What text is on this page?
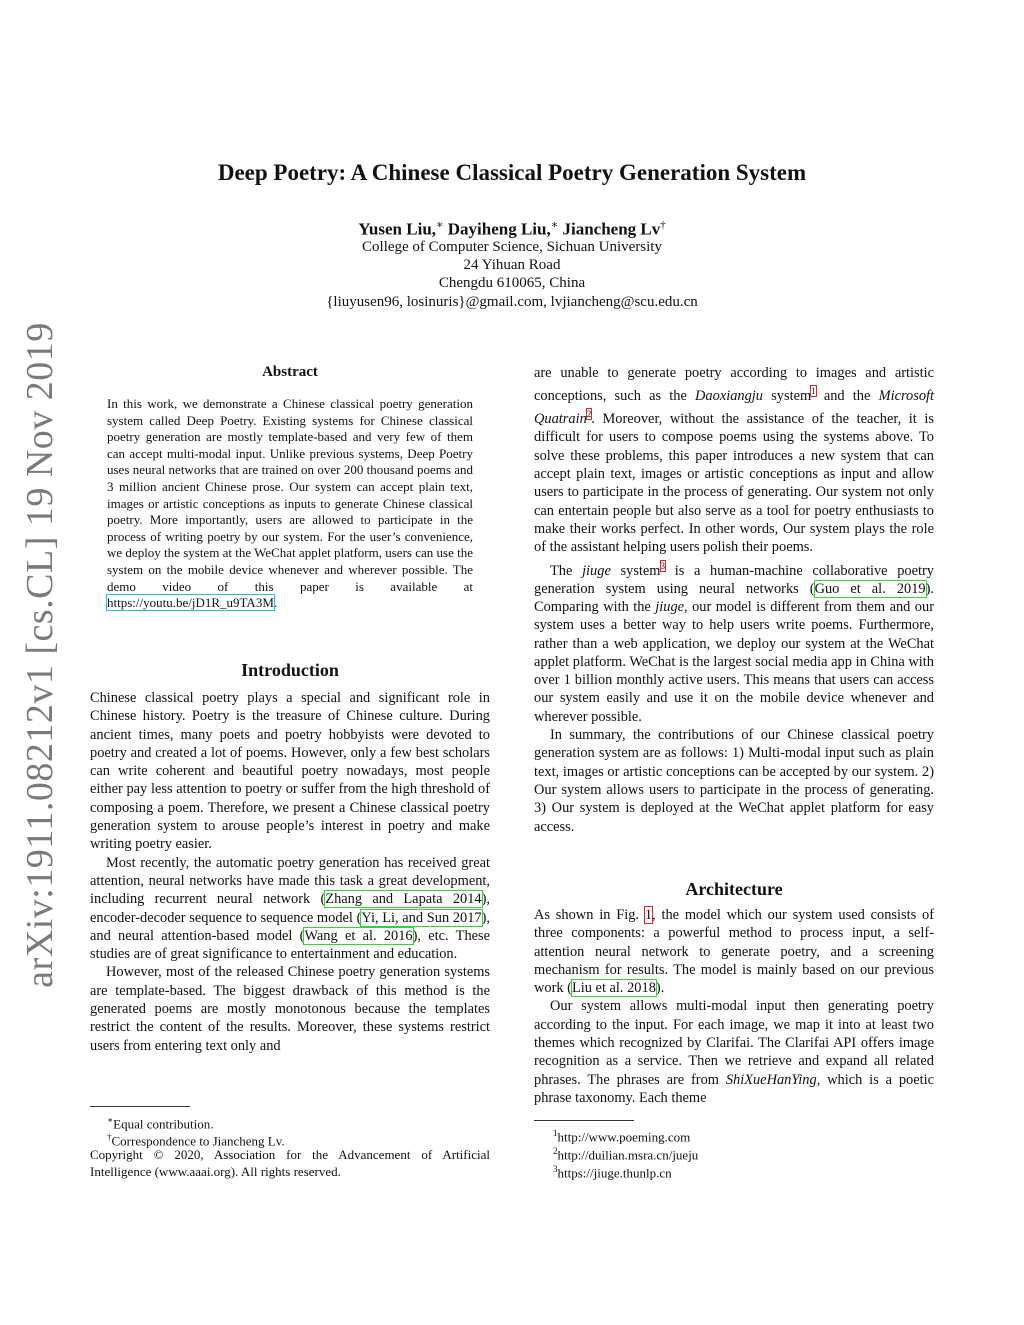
arXiv:1911.08212v1 [cs.CL] 19 Nov 2019
Deep Poetry: A Chinese Classical Poetry Generation System
Yusen Liu,∗ Dayiheng Liu,∗ Jiancheng Lv†
College of Computer Science, Sichuan University
24 Yihuan Road
Chengdu 610065, China
{liuyusen96, losinuris}@gmail.com, lvjiancheng@scu.edu.cn
Abstract
In this work, we demonstrate a Chinese classical poetry generation system called Deep Poetry. Existing systems for Chinese classical poetry generation are mostly template-based and very few of them can accept multi-modal input. Unlike previous systems, Deep Poetry uses neural networks that are trained on over 200 thousand poems and 3 million ancient Chinese prose. Our system can accept plain text, images or artistic conceptions as inputs to generate Chinese classical poetry. More importantly, users are allowed to participate in the process of writing poetry by our system. For the user’s convenience, we deploy the system at the WeChat applet platform, users can use the system on the mobile device whenever and wherever possible. The demo video of this paper is available at https://youtu.be/jD1R_u9TA3M.
Introduction

Chinese classical poetry plays a special and significant role in Chinese history. Poetry is the treasure of Chinese culture. During ancient times, many poets and poetry hobbyists were devoted to poetry and created a lot of poems. However, only a few best scholars can write coherent and beautiful poetry nowadays, most people either pay less attention to poetry or suffer from the high threshold of composing a poem. Therefore, we present a Chinese classical poetry generation system to arouse people’s interest in poetry and make writing poetry easier.

Most recently, the automatic poetry generation has received great attention, neural networks have made this task a great development, including recurrent neural network (Zhang and Lapata 2014), encoder-decoder sequence to sequence model (Yi, Li, and Sun 2017), and neural attention-based model (Wang et al. 2016), etc. These studies are of great significance to entertainment and education.

However, most of the released Chinese poetry generation systems are template-based. The biggest drawback of this method is the generated poems are mostly monotonous because the templates restrict the content of the results. Moreover, these systems restrict users from entering text only and

∗Equal contribution.
†Correspondence to Jiancheng Lv.
Copyright © 2020, Association for the Advancement of Artificial Intelligence (www.aaai.org). All rights reserved.

are unable to generate poetry according to images and artistic conceptions, such as the Daoxiangju system$^1$ and the Microsoft Quatrain$^2$. Moreover, without the assistance of the teacher, it is difficult for users to compose poems using the systems above. To solve these problems, this paper introduces a new system that can accept plain text, images or artistic conceptions as input and allow users to participate in the process of generating. Our system not only can entertain people but also serve as a tool for poetry enthusiasts to make their works perfect. In other words, Our system plays the role of the assistant helping users polish their poems.

The jiuge system$^3$ is a human-machine collaborative poetry generation system using neural networks (Guo et al. 2019). Comparing with the jiuge, our model is different from them and our system uses a better way to help users write poems. Furthermore, rather than a web application, we deploy our system at the WeChat applet platform. WeChat is the largest social media app in China with over 1 billion monthly active users. This means that users can access our system easily and use it on the mobile device whenever and wherever possible.

In summary, the contributions of our Chinese classical poetry generation system are as follows: 1) Multi-modal input such as plain text, images or artistic conceptions can be accepted by our system. 2) Our system allows users to participate in the process of generating. 3) Our system is deployed at the WeChat applet platform for easy access.

Architecture

As shown in Fig. 1, the model which our system used consists of three components: a powerful method to process input, a self-attention neural network to generate poetry, and a screening mechanism for results. The model is mainly based on our previous work (Liu et al. 2018).

Our system allows multi-modal input then generating poetry according to the input. For each image, we map it into at least two themes which recognized by Clarifai. The Clarifai API offers image recognition as a service. Then we retrieve and expand all related phrases. The phrases are from ShiXueHanYing, which is a poetic phrase taxonomy. Each theme

$^1$http://www.poeming.com
$^2$http://duilian.msra.cn/jueju
$^3$https://jiuge.thunlp.cn
